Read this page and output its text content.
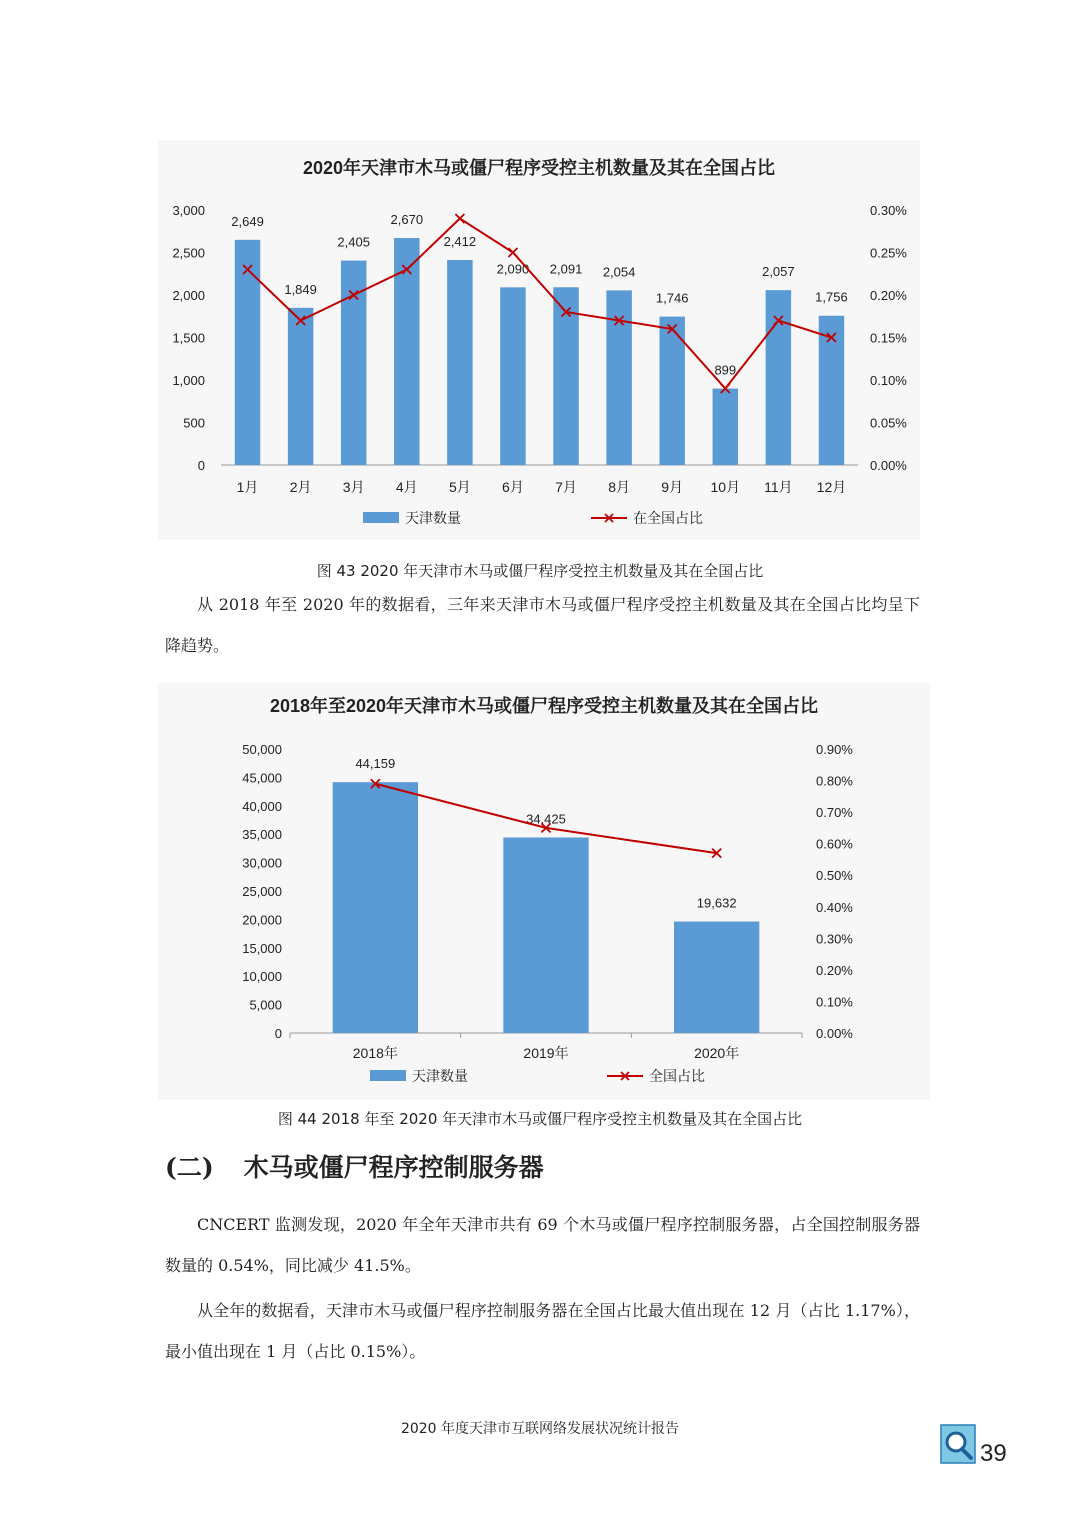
2020年天津市木马或僵尸程序受控主机数量及其在全国占比
0
500
1,000
1,500
2,000
2,500
3,000
0.00%
0.05%
0.10%
0.15%
0.20%
0.25%
0.30%
2,649
1,849
2,405
2,670
2,412
2,090 2,091 2,054
1,746
899
2,057
1,756
1月 2月 3月 4月 5月 6月 7月 8月 9月 10月 11月 12月
天津数量	在全国占比
图 43 2020 年天津市木马或僵尸程序受控主机数量及其在全国占比

从 2018 年至 2020 年的数据看，三年来天津市木马或僵尸程序受控主机数量及其在全国占比均呈下降趋势。

2018年至2020年天津市木马或僵尸程序受控主机数量及其在全国占比
0
5,000
10,000
15,000
20,000
25,000
30,000
35,000
40,000
45,000
50,000
0.00%
0.10%
0.20%
0.30%
0.40%
0.50%
0.60%
0.70%
0.80%
0.90%
44,159
34,425
19,632
2018年	2019年	2020年
天津数量	全国占比
图 44 2018 年至 2020 年天津市木马或僵尸程序受控主机数量及其在全国占比
(二) 木马或僵尸程序控制服务器

CNCERT 监测发现，2020 年全年天津市共有 69 个木马或僵尸程序控制服务器，占全国控制服务器数量的 0.54%，同比减少 41.5%。

从全年的数据看，天津市木马或僵尸程序控制服务器在全国占比最大值出现在 12 月（占比 1.17%），最小值出现在 1 月（占比 0.15%）。

2020 年度天津市互联网络发展状况统计报告
39
